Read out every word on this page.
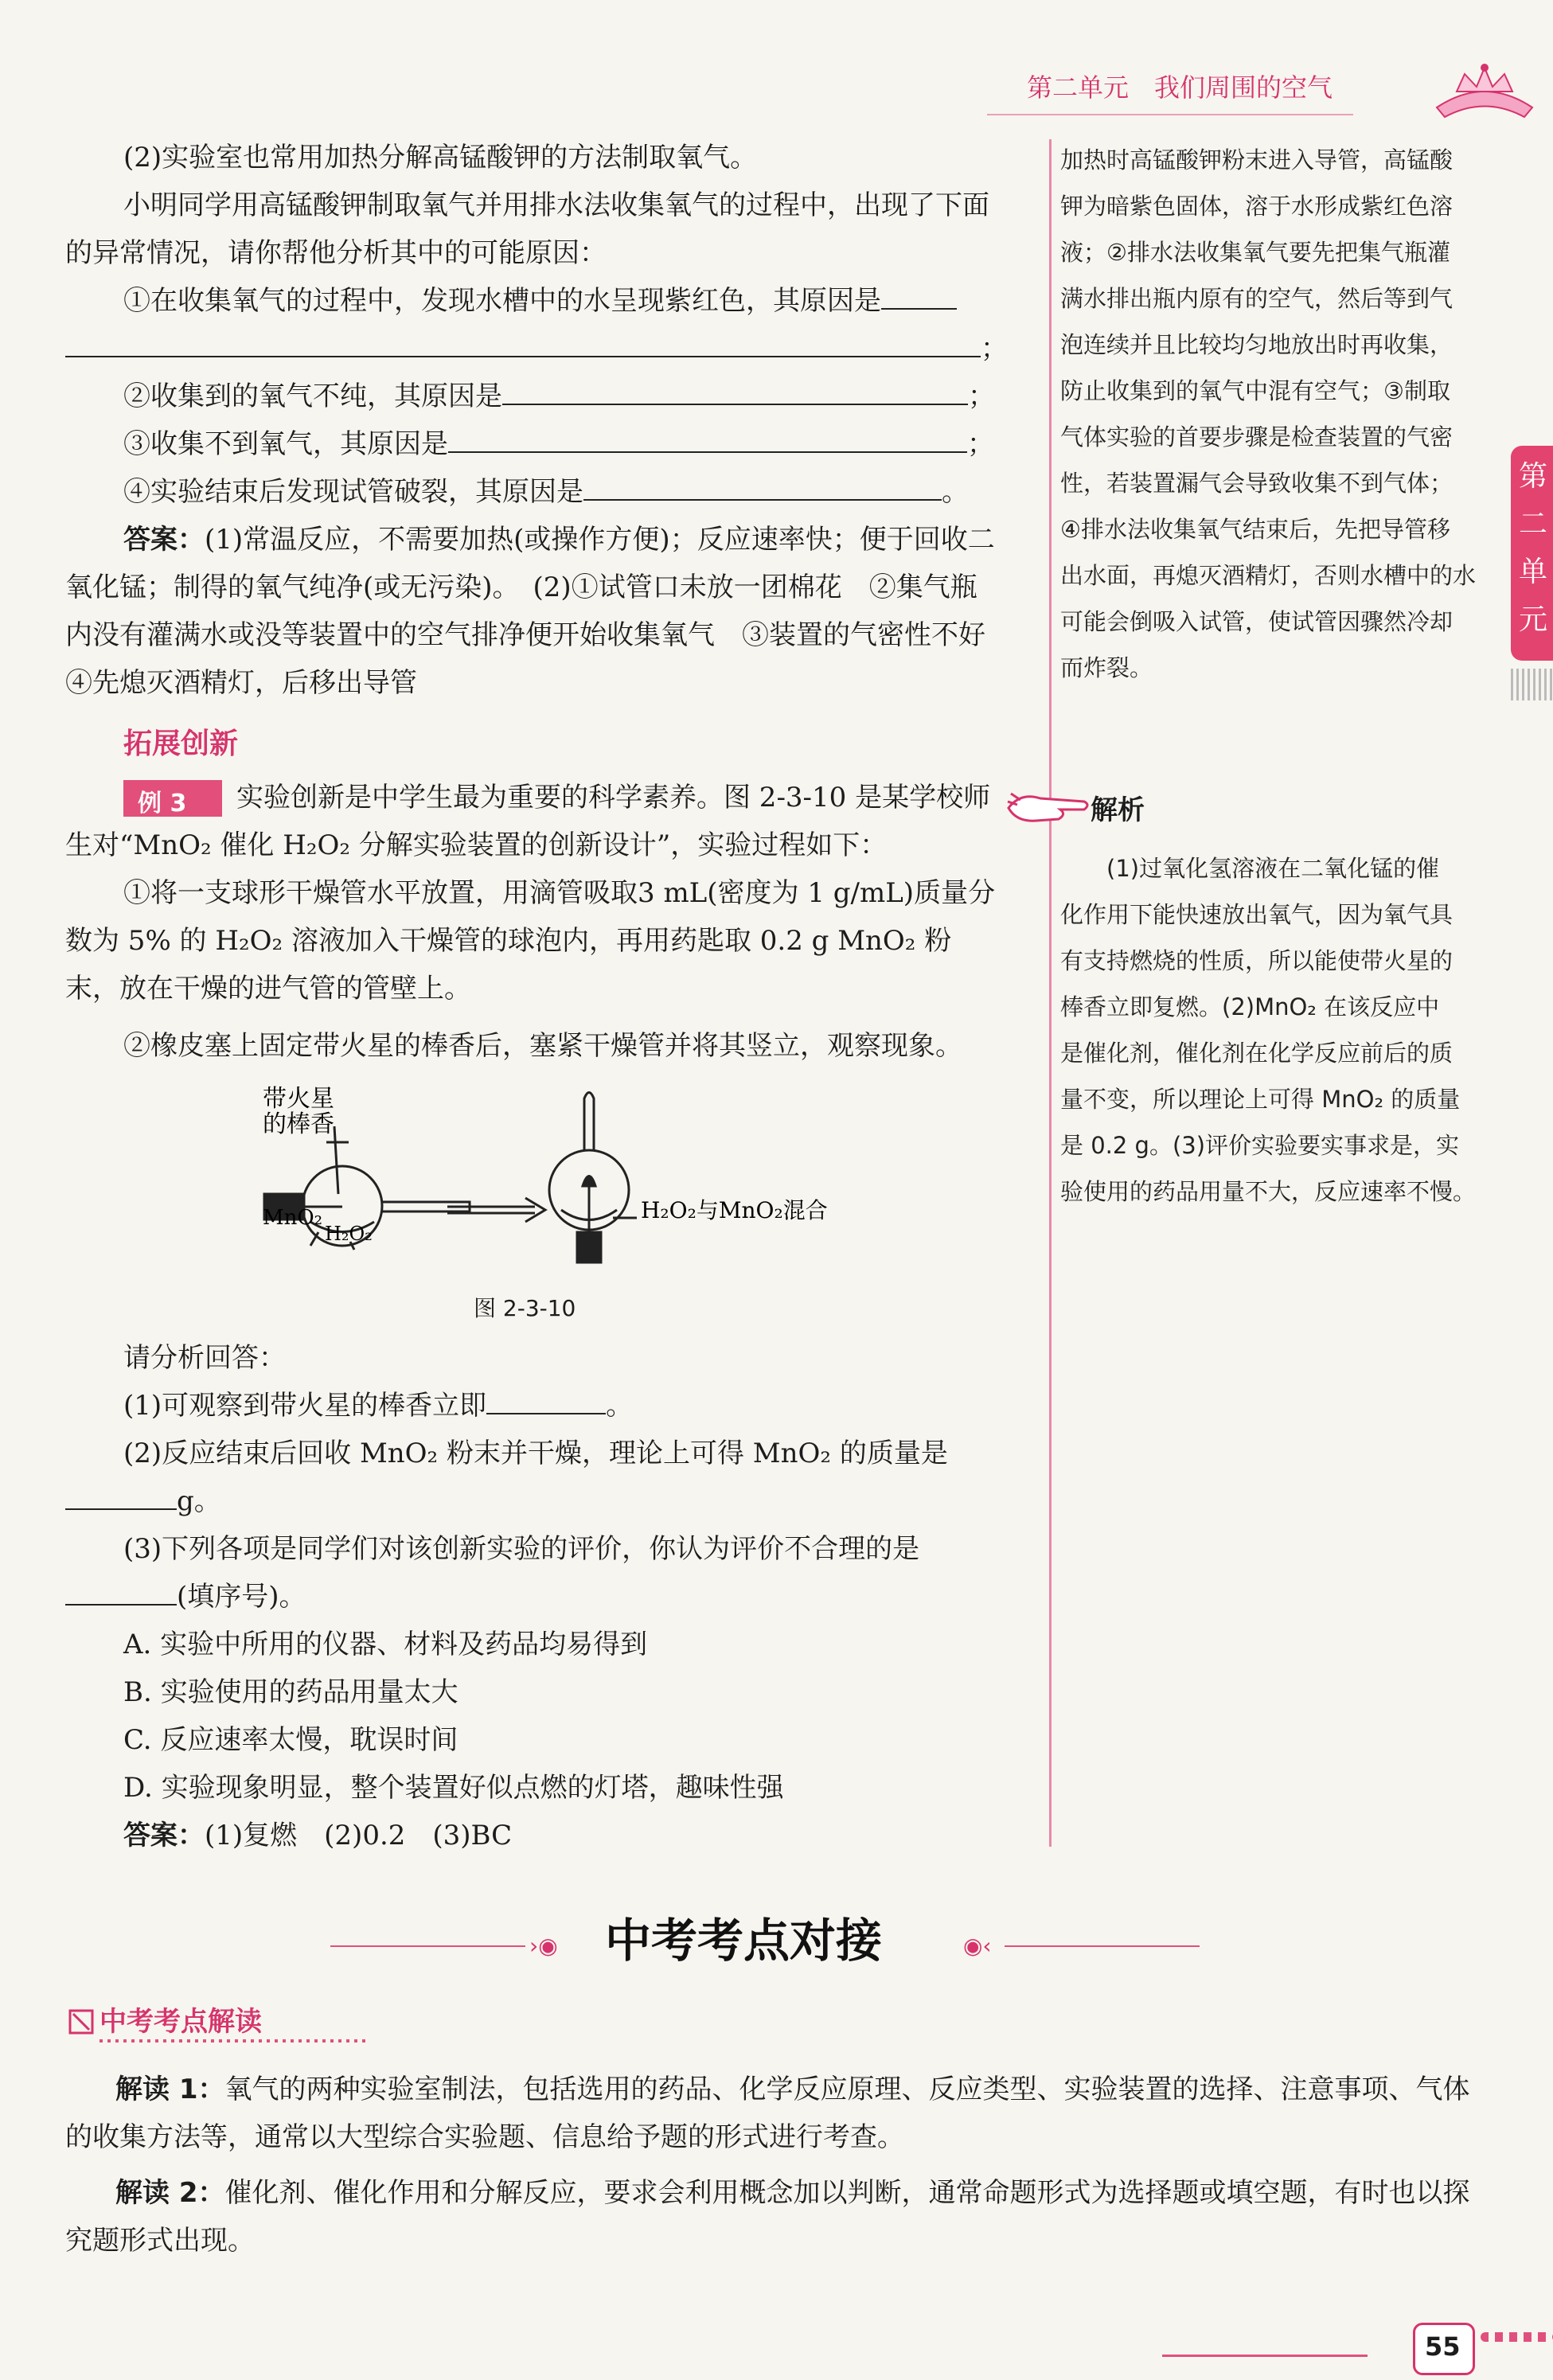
第二单元　我们周围的空气
第
二
单
元
(2)实验室也常用加热分解高锰酸钾的方法制取氧气。
小明同学用高锰酸钾制取氧气并用排水法收集氧气的过程中，出现了下面的异常情况，请你帮他分析其中的可能原因：
①在收集氧气的过程中，发现水槽中的水呈现紫红色，其原因是
；
②收集到的氧气不纯，其原因是	；
③收集不到氧气，其原因是	；
④实验结束后发现试管破裂，其原因是	。
答案：(1)常温反应，不需要加热(或操作方便)；反应速率快；便于回收二氧化锰；制得的氧气纯净(或无污染)。　(2)①试管口未放一团棉花　②集气瓶内没有灌满水或没等装置中的空气排净便开始收集氧气　③装置的气密性不好　④先熄灭酒精灯，后移出导管
拓展创新
例 3	实验创新是中学生最为重要的科学素养。图 2-3-10 是某学校师生对“MnO₂ 催化 H₂O₂ 分解实验装置的创新设计”，实验过程如下：
①将一支球形干燥管水平放置，用滴管吸取3 mL(密度为 1 g/mL)质量分数为 5% 的 H₂O₂ 溶液加入干燥管的球泡内，再用药匙取 0.2 g MnO₂ 粉末，放在干燥的进气管的管壁上。
②橡皮塞上固定带火星的棒香后，塞紧干燥管并将其竖立，观察现象。
带火星
的棒香
MnO₂
H₂O₂
H₂O₂与MnO₂混合
图 2-3-10
请分析回答：
(1)可观察到带火星的棒香立即	。
(2)反应结束后回收 MnO₂ 粉末并干燥，理论上可得 MnO₂ 的质量是
g。
(3)下列各项是同学们对该创新实验的评价，你认为评价不合理的是
(填序号)。
A. 实验中所用的仪器、材料及药品均易得到
B. 实验使用的药品用量太大
C. 反应速率太慢，耽误时间
D. 实验现象明显，整个装置好似点燃的灯塔，趣味性强
答案：(1)复燃　(2)0.2　(3)BC
加热时高锰酸钾粉末进入导管，高锰酸
钾为暗紫色固体，溶于水形成紫红色溶
液；②排水法收集氧气要先把集气瓶灌
满水排出瓶内原有的空气，然后等到气
泡连续并且比较均匀地放出时再收集，
防止收集到的氧气中混有空气；③制取
气体实验的首要步骤是检查装置的气密
性，若装置漏气会导致收集不到气体；
④排水法收集氧气结束后，先把导管移
出水面，再熄灭酒精灯，否则水槽中的水
可能会倒吸入试管，使试管因骤然冷却
而炸裂。
解析
　　(1)过氧化氢溶液在二氧化锰的催
化作用下能快速放出氧气，因为氧气具
有支持燃烧的性质，所以能使带火星的
棒香立即复燃。(2)MnO₂ 在该反应中
是催化剂，催化剂在化学反应前后的质
量不变，所以理论上可得 MnO₂ 的质量
是 0.2 g。(3)评价实验要实事求是，实
验使用的药品用量不大，反应速率不慢。
›◉ 中考考点对接	◉‹
中考考点解读
解读 1：氧气的两种实验室制法，包括选用的药品、化学反应原理、反应类型、实验装置的选择、注意事项、气体的收集方法等，通常以大型综合实验题、信息给予题的形式进行考查。
解读 2：催化剂、催化作用和分解反应，要求会利用概念加以判断，通常命题形式为选择题或填空题，有时也以探究题形式出现。
55
